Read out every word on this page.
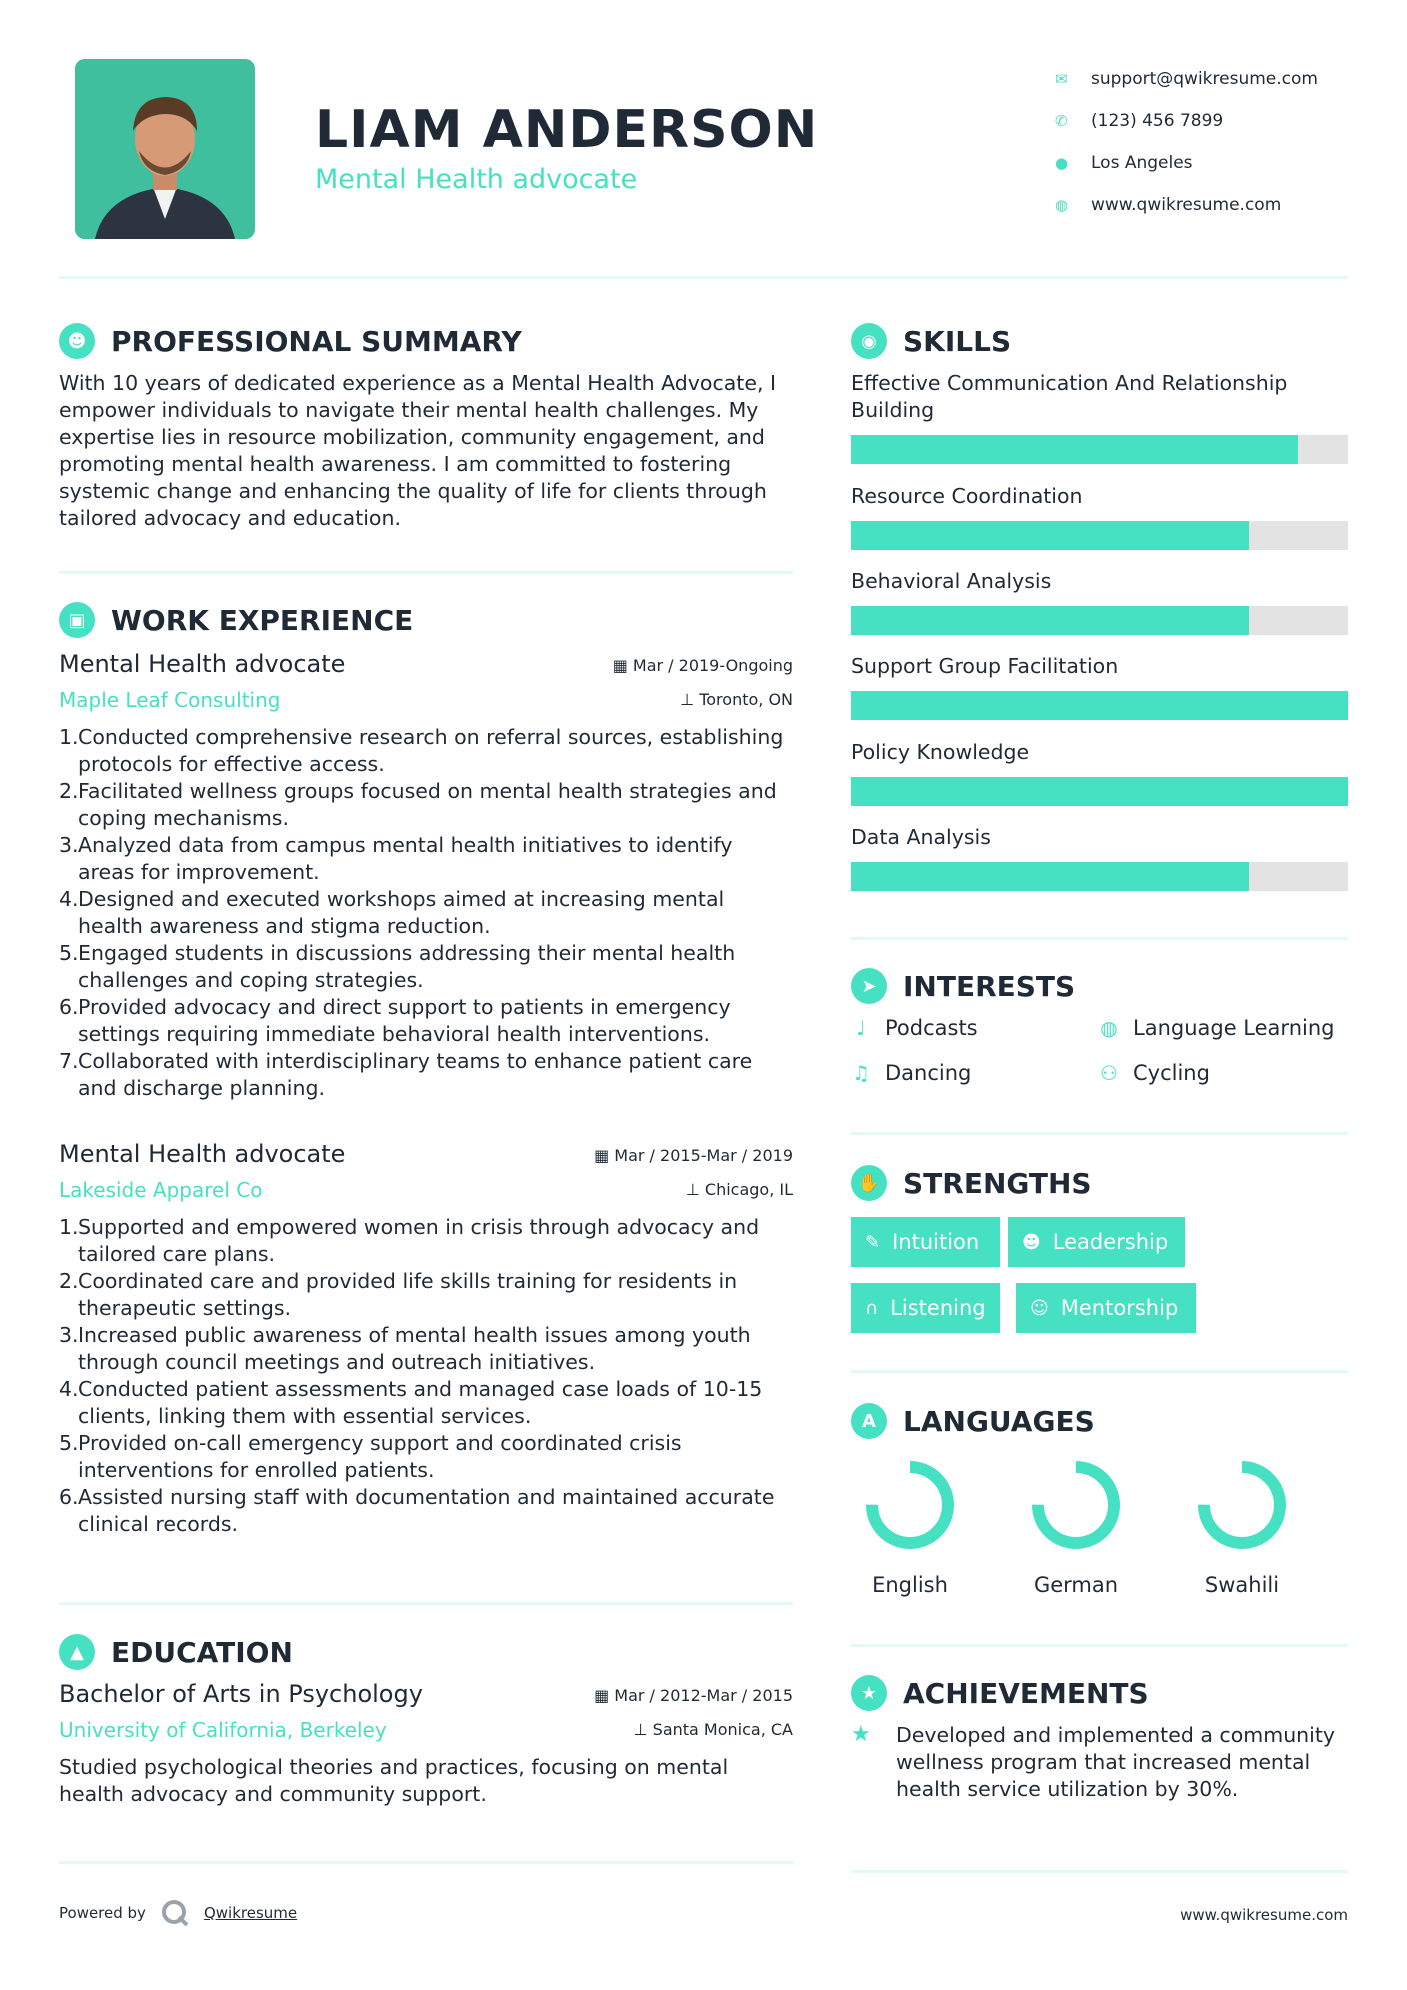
LIAM ANDERSON
Mental Health advocate
✉	support@qwikresume.com
✆	(123) 456 7899
●	Los Angeles
◍	www.qwikresume.com
☻ PROFESSIONAL SUMMARY
With 10 years of dedicated experience as a Mental Health Advocate, I empower individuals to navigate their mental health challenges. My expertise lies in resource mobilization, community engagement, and promoting mental health awareness. I am committed to fostering systemic change and enhancing the quality of life for clients through tailored advocacy and education.
▣ WORK EXPERIENCE
Mental Health advocate	▦ Mar / 2019-Ongoing
Maple Leaf Consulting	⊥ Toronto, ON
1. Conducted comprehensive research on referral sources, establishing protocols for effective access.
2. Facilitated wellness groups focused on mental health strategies and coping mechanisms.
3. Analyzed data from campus mental health initiatives to identify areas for improvement.
4. Designed and executed workshops aimed at increasing mental health awareness and stigma reduction.
5. Engaged students in discussions addressing their mental health challenges and coping strategies.
6. Provided advocacy and direct support to patients in emergency settings requiring immediate behavioral health interventions.
7. Collaborated with interdisciplinary teams to enhance patient care and discharge planning.
Mental Health advocate	▦ Mar / 2015-Mar / 2019
Lakeside Apparel Co	⊥ Chicago, IL
1. Supported and empowered women in crisis through advocacy and tailored care plans.
2. Coordinated care and provided life skills training for residents in therapeutic settings.
3. Increased public awareness of mental health issues among youth through council meetings and outreach initiatives.
4. Conducted patient assessments and managed case loads of 10-15 clients, linking them with essential services.
5. Provided on-call emergency support and coordinated crisis interventions for enrolled patients.
6. Assisted nursing staff with documentation and maintained accurate clinical records.
▲ EDUCATION
Bachelor of Arts in Psychology	▦ Mar / 2012-Mar / 2015
University of California, Berkeley	⊥ Santa Monica, CA
Studied psychological theories and practices, focusing on mental health advocacy and community support.
◉ SKILLS
Effective Communication And Relationship Building
Resource Coordination
Behavioral Analysis
Support Group Facilitation
Policy Knowledge
Data Analysis
➤ INTERESTS
♩ Podcasts	◍ Language Learning
♫ Dancing	⚇ Cycling
✋ STRENGTHS
✎ Intuition ☻ Leadership
∩ Listening ☺ Mentorship
A LANGUAGES
English	German	Swahili
★ ACHIEVEMENTS
★	Developed and implemented a community wellness program that increased mental health service utilization by 30%.
Powered by	Qwikresume	www.qwikresume.com
